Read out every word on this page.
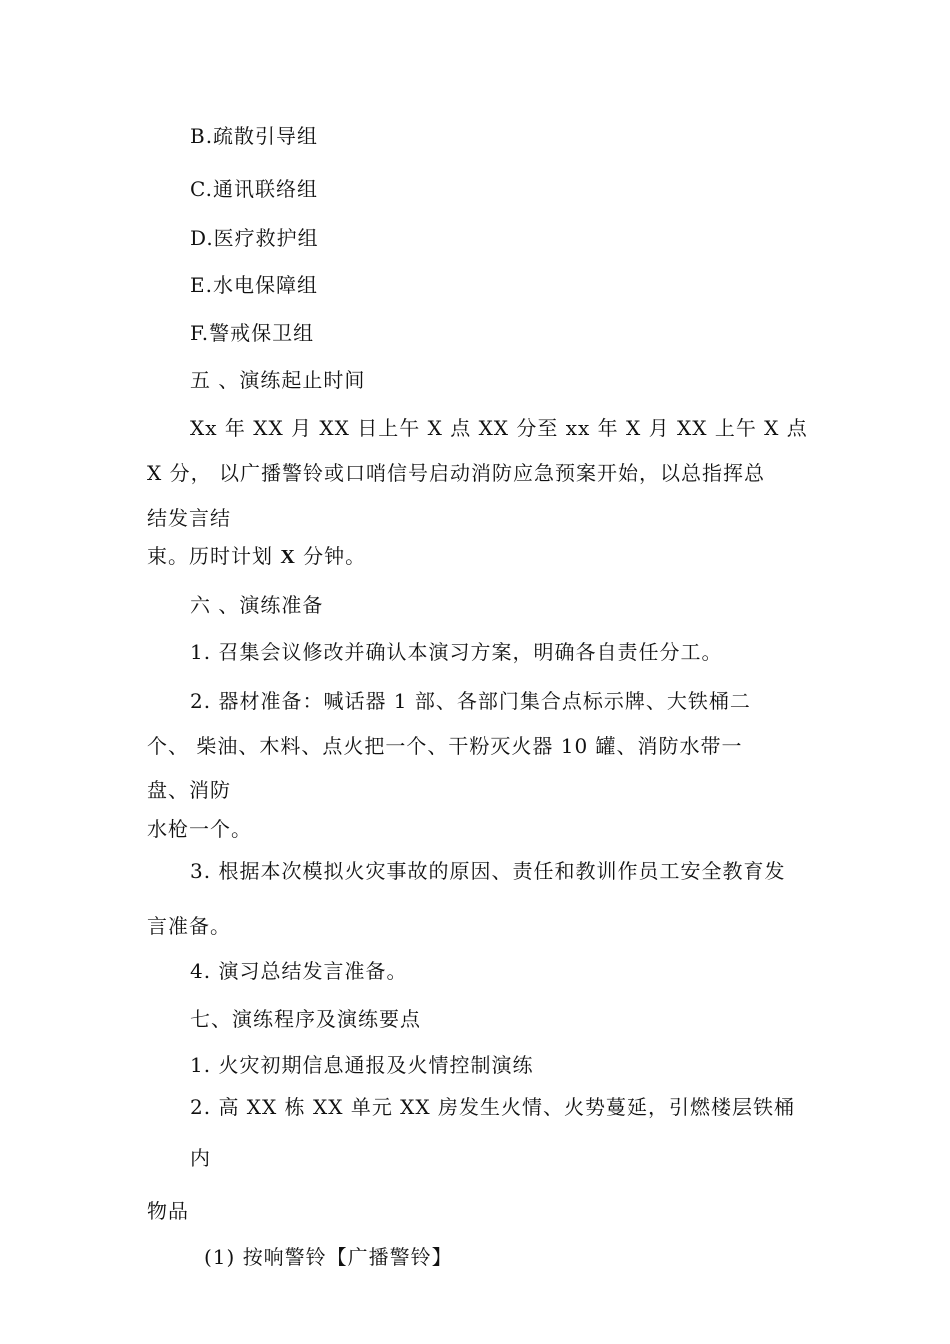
B.疏散引导组
C.通讯联络组
D.医疗救护组
E.水电保障组
F.警戒保卫组
五 、演练起止时间
Xx 年 XX 月 XX 日上午 X 点 XX 分至 xx 年 X 月 XX 上午 X 点
X 分， 以广播警铃或口哨信号启动消防应急预案开始，以总指挥总
结发言结
束。历时计划 X 分钟。
六 、演练准备
1. 召集会议修改并确认本演习方案，明确各自责任分工。
2. 器材准备：喊话器 1 部、各部门集合点标示牌、大铁桶二
个、 柴油、木料、点火把一个、干粉灭火器 10 罐、消防水带一
盘、消防
水枪一个。
3. 根据本次模拟火灾事故的原因、责任和教训作员工安全教育发
言准备。
4. 演习总结发言准备。
七、演练程序及演练要点
1. 火灾初期信息通报及火情控制演练
2. 高 XX 栋 XX 单元 XX 房发生火情、火势蔓延，引燃楼层铁桶
内
物品
(1) 按响警铃【广播警铃】
